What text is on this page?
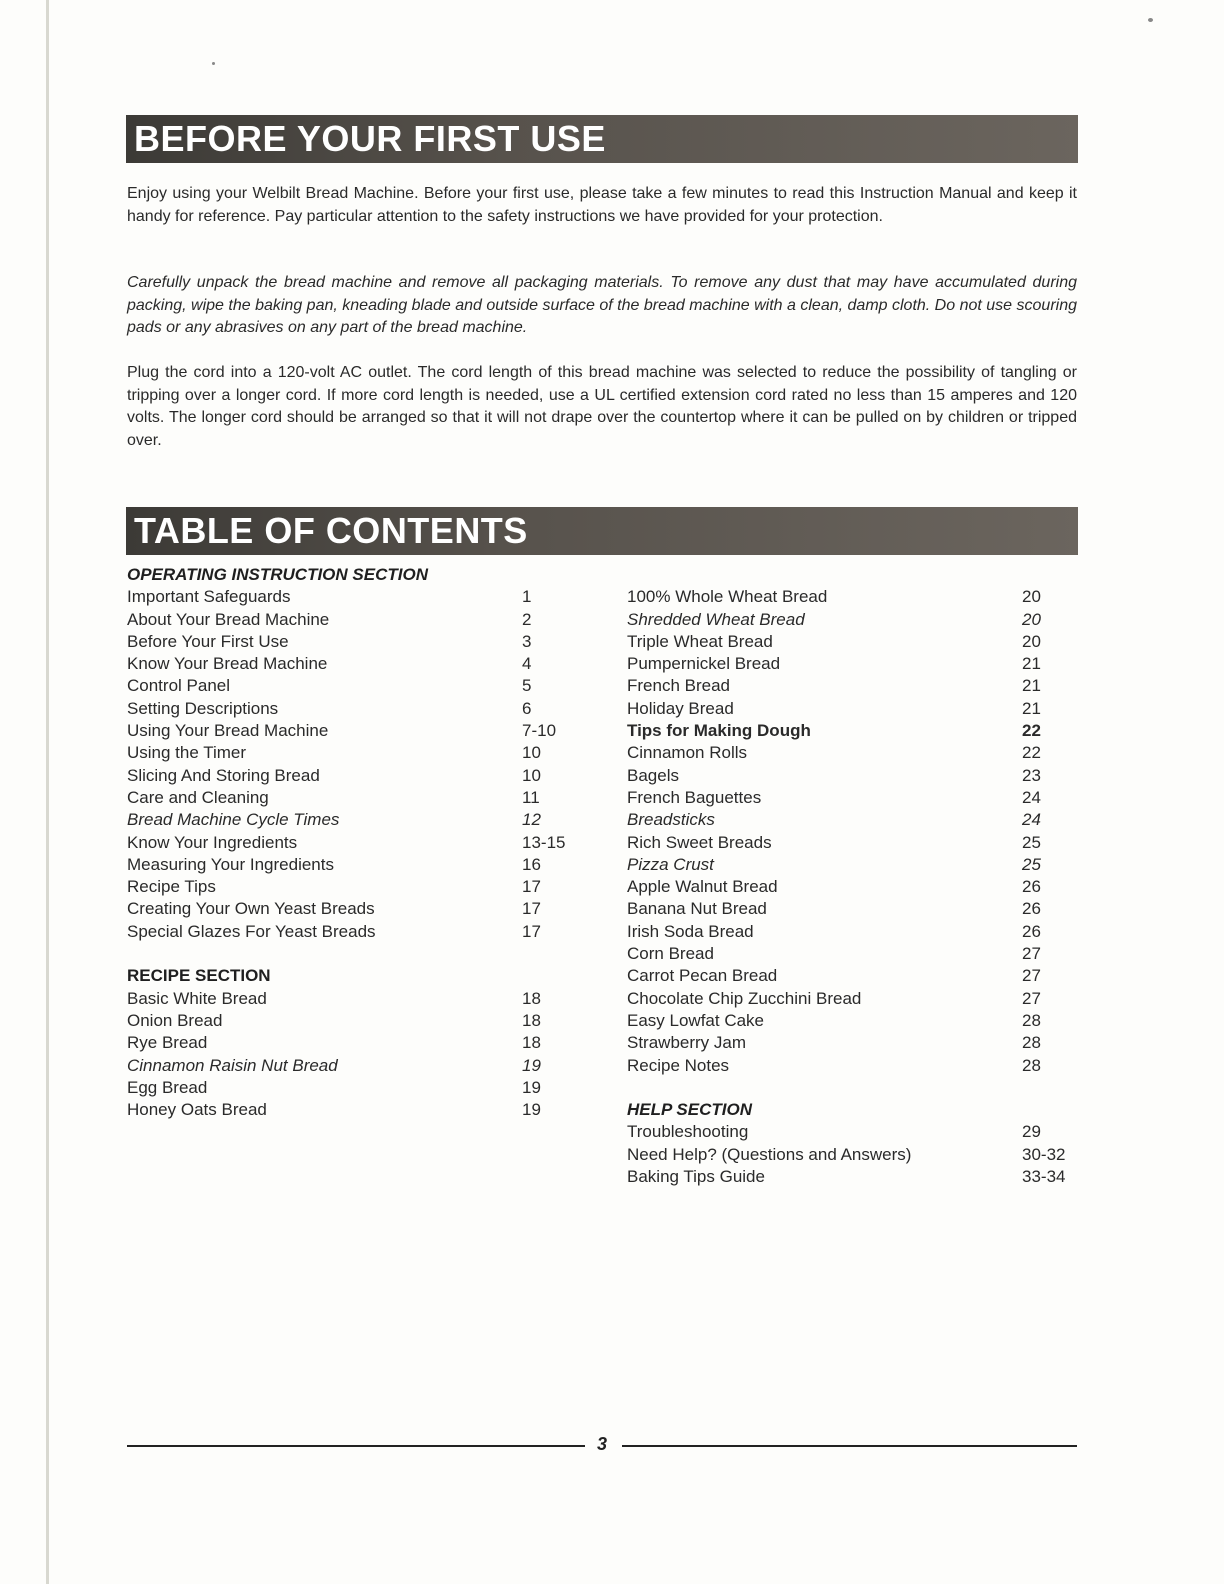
BEFORE YOUR FIRST USE

Enjoy using your Welbilt Bread Machine. Before your first use, please take a few minutes to read this Instruction Manual and keep it handy for reference. Pay particular attention to the safety instructions we have provided for your protection.

Carefully unpack the bread machine and remove all packaging materials. To remove any dust that may have accumulated during packing, wipe the baking pan, kneading blade and outside surface of the bread machine with a clean, damp cloth. Do not use scouring pads or any abrasives on any part of the bread machine.

Plug the cord into a 120-volt AC outlet. The cord length of this bread machine was selected to reduce the possibility of tangling or tripping over a longer cord. If more cord length is needed, use a UL certified extension cord rated no less than 15 amperes and 120 volts. The longer cord should be arranged so that it will not drape over the countertop where it can be pulled on by children or tripped over.

TABLE OF CONTENTS
OPERATING INSTRUCTION SECTION
Important Safeguards	1
About Your Bread Machine	2
Before Your First Use	3
Know Your Bread Machine	4
Control Panel	5
Setting Descriptions	6
Using Your Bread Machine	7-10
Using the Timer	10
Slicing And Storing Bread	10
Care and Cleaning	11
Bread Machine Cycle Times	12
Know Your Ingredients	13-15
Measuring Your Ingredients	16
Recipe Tips	17
Creating Your Own Yeast Breads	17
Special Glazes For Yeast Breads	17
RECIPE SECTION
Basic White Bread	18
Onion Bread	18
Rye Bread	18
Cinnamon Raisin Nut Bread	19
Egg Bread	19
Honey Oats Bread	19
100% Whole Wheat Bread	20
Shredded Wheat Bread	20
Triple Wheat Bread	20
Pumpernickel Bread	21
French Bread	21
Holiday Bread	21
Tips for Making Dough	22
Cinnamon Rolls	22
Bagels	23
French Baguettes	24
Breadsticks	24
Rich Sweet Breads	25
Pizza Crust	25
Apple Walnut Bread	26
Banana Nut Bread	26
Irish Soda Bread	26
Corn Bread	27
Carrot Pecan Bread	27
Chocolate Chip Zucchini Bread	27
Easy Lowfat Cake	28
Strawberry Jam	28
Recipe Notes	28
HELP SECTION
Troubleshooting	29
Need Help? (Questions and Answers)	30-32
Baking Tips Guide	33-34
3
